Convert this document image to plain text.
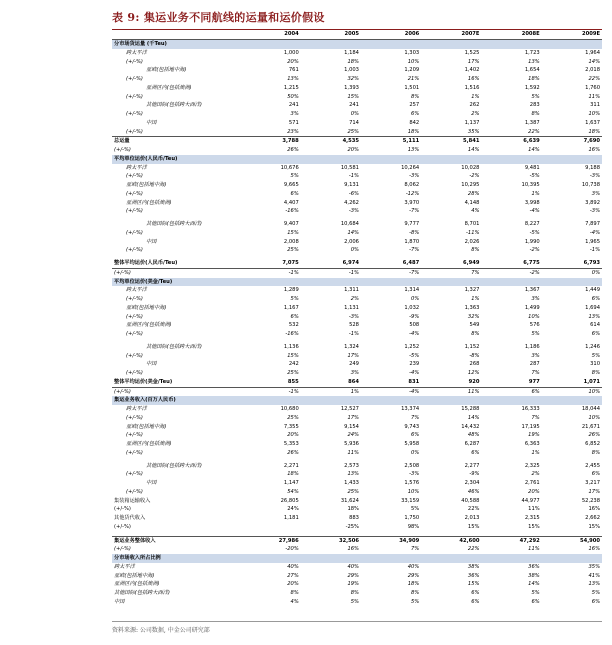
表 9: 集运业务不同航线的运量和运价假设
	2004	2005	2006	2007E	2008E	2009E
分市场货运量 (千Teu)						
跨太平洋	1,000	1,184	1,303	1,525	1,723	1,964
(+/-%)	20%	18%	10%	17%	13%	14%
亚欧(包括地中海)	761	1,003	1,209	1,402	1,654	2,018
(+/-%)	13%	32%	21%	16%	18%	22%
亚洲区内(包括澳洲)	1,215	1,393	1,501	1,516	1,592	1,760
(+/-%)	50%	15%	8%	1%	5%	11%
其他国际(包括跨大西洋)	241	241	257	262	283	311
(+/-%)	3%	0%	6%	2%	8%	10%
中国	571	714	842	1,137	1,387	1,637
(+/-%)	23%	25%	18%	35%	22%	18%
总运量	3,788	4,535	5,111	5,841	6,639	7,690
(+/-%)	26%	20%	13%	14%	14%	16%
平均单位运价(人民币/Teu)						
跨太平洋	10,676	10,581	10,264	10,028	9,481	9,188
(+/-%)	5%	-1%	-3%	-2%	-5%	-3%
亚欧(包括地中海)	9,665	9,131	8,062	10,295	10,395	10,738
(+/-%)	6%	-6%	-12%	28%	1%	3%
亚洲区内(包括澳洲)	4,407	4,262	3,970	4,148	3,998	3,892
(+/-%)	-16%	-3%	-7%	4%	-4%	-3%

其他国际(包括跨大西洋)	9,407	10,684	9,777	8,701	8,227	7,897
(+/-%)	15%	14%	-8%	-11%	-5%	-4%
中国	2,008	2,006	1,870	2,026	1,990	1,965
(+/-%)	25%	0%	-7%	8%	-2%	-1%

整体平均运价(人民币/Teu)	7,075	6,974	6,487	6,949	6,775	6,793
(+/-%)	-1%	-1%	-7%	7%	-2%	0%
平均单位运价(美金/Teu)						
跨太平洋	1,289	1,311	1,314	1,327	1,367	1,449
(+/-%)	5%	2%	0%	1%	3%	6%
亚欧(包括地中海)	1,167	1,131	1,032	1,363	1,499	1,694
(+/-%)	6%	-3%	-9%	32%	10%	13%
亚洲区内(包括澳洲)	532	528	508	549	576	614
(+/-%)	-16%	-1%	-4%	8%	5%	6%

其他国际(包括跨大西洋)	1,136	1,324	1,252	1,152	1,186	1,246
(+/-%)	15%	17%	-5%	-8%	3%	5%
中国	242	249	239	268	287	310
(+/-%)	25%	3%	-4%	12%	7%	8%
整体平均运价(美金/Teu)	855	864	831	920	977	1,071
(+/-%)	-1%	1%	-4%	11%	6%	10%
集运业务收入(百万人民币)						
跨太平洋	10,680	12,527	13,374	15,288	16,333	18,044
(+/-%)	25%	17%	7%	14%	7%	10%
亚欧(包括地中海)	7,355	9,154	9,743	14,432	17,195	21,671
(+/-%)	20%	24%	6%	48%	19%	26%
亚洲区内(包括澳洲)	5,353	5,936	5,958	6,287	6,363	6,852
(+/-%)	26%	11%	0%	6%	1%	8%

其他国际(包括跨大西洋)	2,271	2,573	2,508	2,277	2,325	2,455
(+/-%)	18%	13%	-3%	-9%	2%	6%
中国	1,147	1,433	1,576	2,304	2,761	3,217
(+/-%)	54%	25%	10%	46%	20%	17%
集装箱运输收入	26,805	31,624	33,159	40,588	44,977	52,238
(+/-%)	24%	18%	5%	22%	11%	16%
其他货代收入	1,181	883	1,750	2,013	2,315	2,662
(+/-%)		-25%	98%	15%	15%	15%

集运业务整体收入	27,986	32,506	34,909	42,600	47,292	54,900
(+/-%)	-20%	16%	7%	22%	11%	16%
分市场收入所占比例						
跨太平洋	40%	40%	40%	38%	36%	35%
亚欧(包括地中海)	27%	29%	29%	36%	38%	41%
亚洲区内(包括澳洲)	20%	19%	18%	15%	14%	13%
其他国际(包括跨大西洋)	8%	8%	8%	6%	5%	5%
中国	4%	5%	5%	6%	6%	6%
资料来源: 公司数据, 中金公司研究部
